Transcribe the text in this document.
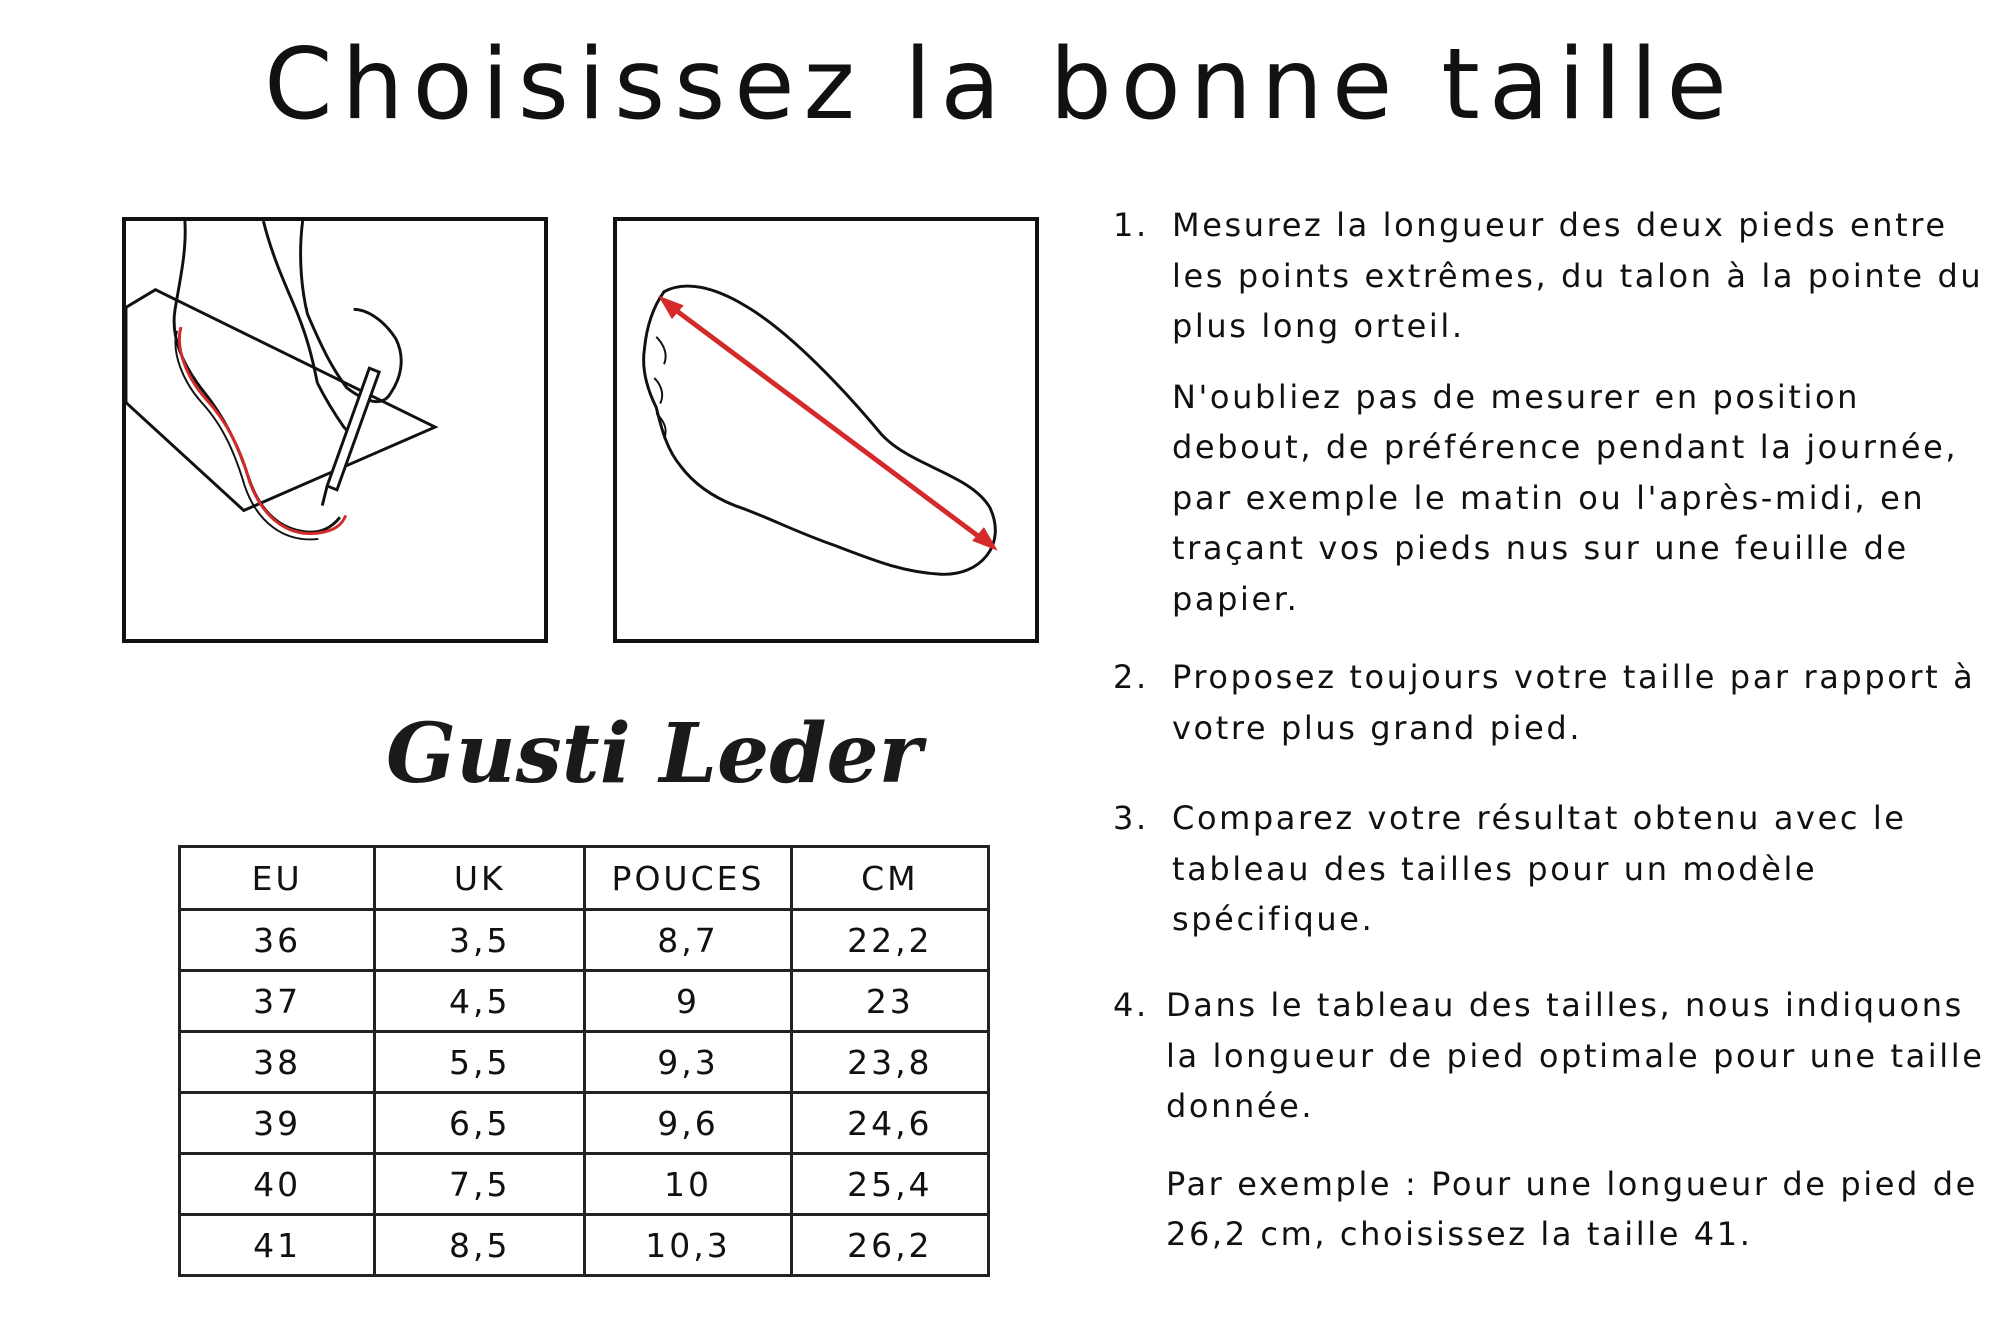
Choisissez la bonne taille
Gusti Leder
EU	UK	POUCES	CM
36	3,5	8,7	22,2
37	4,5	9	23
38	5,5	9,3	23,8
39	6,5	9,6	24,6
40	7,5	10	25,4
41	8,5	10,3	26,2
1. Mesurez la longueur des deux pieds entre les points extrêmes, du talon à la pointe du plus long orteil.

N'oubliez pas de mesurer en position debout, de préférence pendant la journée, par exemple le matin ou l'après-midi, en traçant vos pieds nus sur une feuille de papier.

2. Proposez toujours votre taille par rapport à votre plus grand pied.

3. Comparez votre résultat obtenu avec le tableau des tailles pour un modèle spécifique.

4. Dans le tableau des tailles, nous indiquons la longueur de pied optimale pour une taille donnée.

Par exemple : Pour une longueur de pied de 26,2 cm, choisissez la taille 41.
